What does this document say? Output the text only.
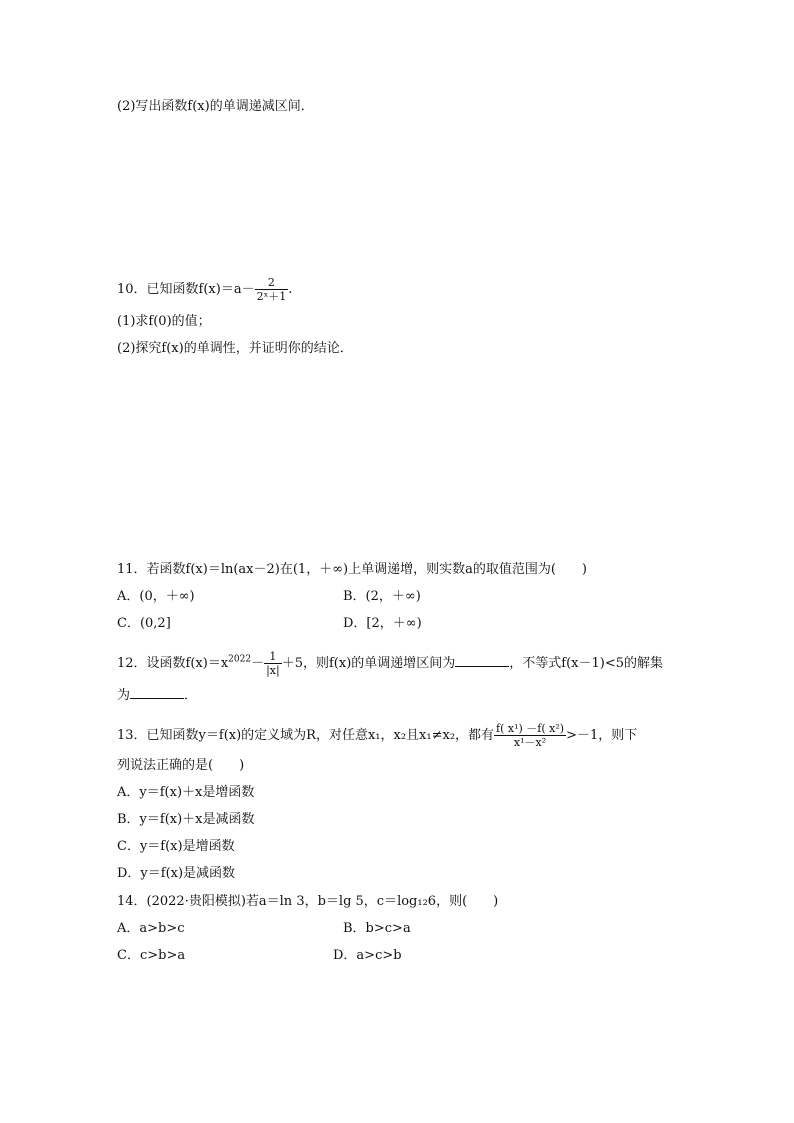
(2)写出函数f(x)的单调递减区间．
10．已知函数$f(x)=a- \frac{2}{\text{2ˣ＋1}}$ .
(1)求f(0)的值；
(2)探究f(x)的单调性，并证明你的结论．
11．若函数f(x)＝ln(ax－2)在(1，＋∞)上单调递增，则实数a的取值范围为(　　)
A．(0，＋∞)	B．(2，＋∞)
C．(0,2]	D．[2，＋∞)
12．设函数$f(x)=x^{2022}- \frac{1}{|x|} +5$，则f(x)的单调递增区间为	，不等式f(x－1)<5的解集
为	．
13．已知函数y＝f(x)的定义域为R，对任意x₁，x₂且x₁≠x₂，都有 $\frac{\text{f( x¹) －f( x²)}}{\text{x¹－x²}} >-1$，则下
列说法正确的是(　　)
A．y＝f(x)＋x是增函数
B．y＝f(x)＋x是减函数
C．y＝f(x)是增函数
D．y＝f(x)是减函数
14．(2022·贵阳模拟)若a＝ln 3，b＝lg 5，c＝log₁₂6，则(　　)
A．a>b>c	B．b>c>a
C．c>b>a	D．a>c>b
